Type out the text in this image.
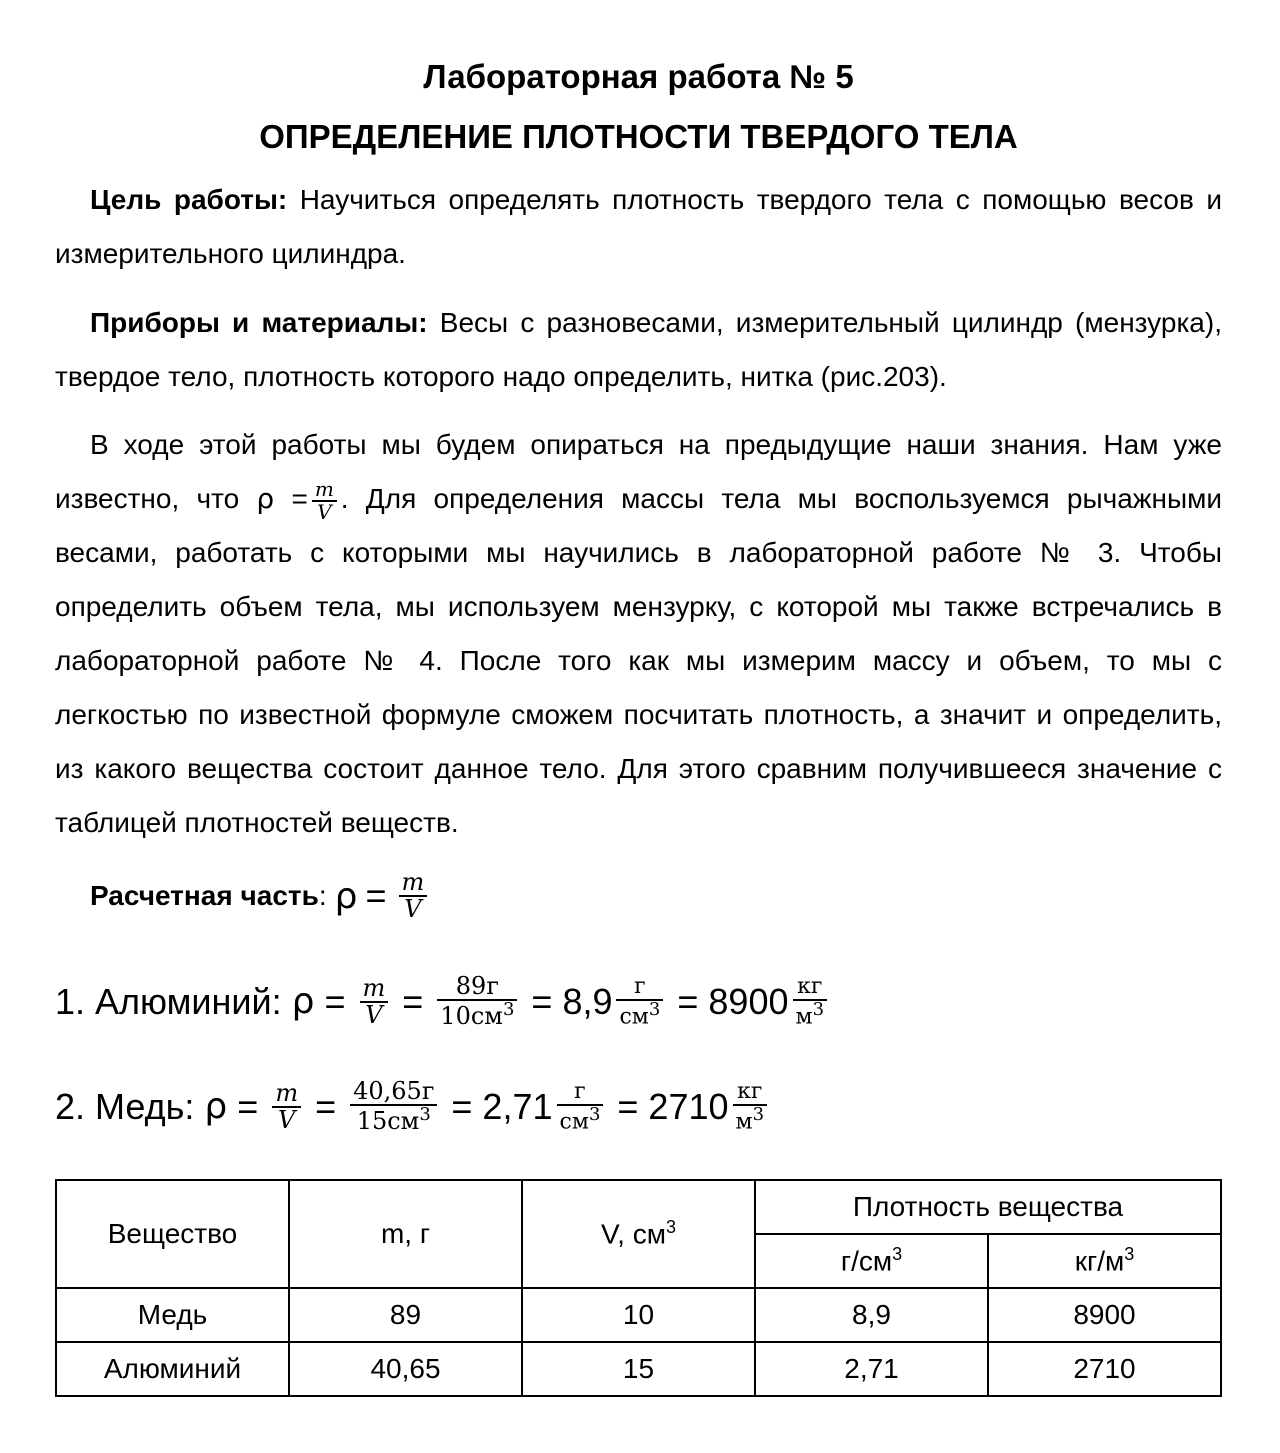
Лабораторная работа № 5
ОПРЕДЕЛЕНИЕ ПЛОТНОСТИ ТВЕРДОГО ТЕЛА
Цель работы: Научиться определять плотность твердого тела с помощью весов и измерительного цилиндра.
Приборы и материалы: Весы с разновесами, измерительный цилиндр (мензурка), твердое тело, плотность которого надо определить, нитка (рис.203).
В ходе этой работы мы будем опираться на предыдущие наши знания. Нам уже известно, что $\rho = \frac{m}{V}$ . Для определения массы тела мы воспользуемся рычажными весами, работать с которыми мы научились в лабораторной работе № 3. Чтобы определить объем тела, мы используем мензурку, с которой мы также встречались в лабораторной работе № 4. После того как мы измерим массу и объем, то мы с легкостью по известной формуле сможем посчитать плотность, а значит и определить, из какого вещества состоит данное тело. Для этого сравним получившееся значение с таблицей плотностей веществ.
Расчетная часть : $\rho = \frac{m}{V}$
1. Алюминий: $\rho = \frac{m}{V} = \frac{89г}{10см^3} = 8,9 \frac{г}{см^3} = 8900 \frac{кг}{м^3}$
2. Медь: $\rho = \frac{m}{V} = \frac{40,65г}{15см^3} = 2,71 \frac{г}{см^3} = 2710 \frac{кг}{м^3}$
Вещество	m, г	V, $см^3$	Плотность вещества	
			$г/см^3$	$кг/м^3$
Медь	89	10	8,9	8900
Алюминий	40,65	15	2,71	2710
